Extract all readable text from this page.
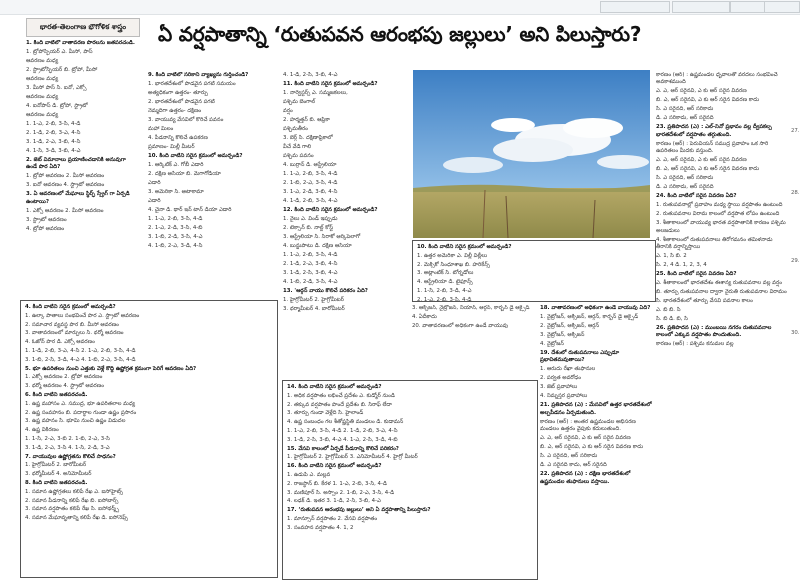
భారత-తెలంగాణ భౌగోళిక శాస్త్రం	ఏ వర్షపాతాన్ని ‘రుతుపవన ఆరంభపు జల్లులు’ అని పిలుస్తారు?

1. కింది వాటిలో వాతావరణ పొరలను జతపరచండి.

1. ట్రోపోస్ఫియర్ ఎ. మీసో, పాస్

ఆవరణం మధ్య

2. స్ట్రాటోస్ఫియర్ బి. ట్రోపో, మీసో

ఆవరణం మధ్య

3. మీసో పాస్ సి. ఐనో, ఎక్సో

ఆవరణం మధ్య

4. ఐనోపాస్ డి. ట్రోపో, స్ట్రాటో

ఆవరణం మధ్య

1. 1-ఎ, 2-బి, 3-సి, 4-డి

2. 1-డి, 2-బి, 3-ఎ, 4-సి

3. 1-డి, 2-ఎ, 3-బి, 4-సి

4. 1-సి, 3-డి, 3-బి, 4-ఎ

2. జెట్ విమానాలు ప్రయాణించడానికి అనువుగా ఉండే పొర ఏది?

1. ట్రోపో ఆవరణం 2. మీసో ఆవరణం

3. ఐనో ఆవరణం 4. స్ట్రాటో ఆవరణం

3. ఏ ఆవరణంలో మేఘాలు స్థిర్ఫ్ స్ప్రేగ్ గా ఏర్పడి ఉంటాయి?

1. ఎక్సో ఆవరణం 2. మీసో ఆవరణం

3. స్ట్రాటో ఆవరణం

4. ట్రోపో ఆవరణం

9. కింది వాటిలో సరికాని వ్యాఖ్యను గుర్తించండి?

1. భారతదేశంలో పొడవైన పగటి సమయం

అత్యధికంగా ఉత్తరం- తూర్పు

2. భారతదేశంలో పొడవైన పగటి

నెమ్మదిగా ఉత్తరం- దక్షిణం

3. వాయువ్య వేసవిలో కొరిచే పవనం

మహా మిలం

4. పీడనాన్ని కొలిచే ఉపకరణ

ప్రమాణం- మిల్లీ మీటర్

10. కింది వాటిని సరైన క్రమంలో అమర్చండి?

1. ఆర్కిటిక్ ఎ. గోబీ ఎడారి

2. దక్షిణ ఆసియా బి. మెగాగోడియా

ఎడారి

3. అమెరికా సి. ఆటాకామా

ఎడారి

4. చైనా డి. థార్ ఇన్ టాన్ డియా ఎడారి

1. 1-ఎ, 2-బి, 3-సి, 4-డి

2. 1-ఎ, 2-డి, 3-సి, 4-బి

3. 1-బి, 2-డి, 3-సి, 4-ఎ

4. 1-బి, 2-ఎ, 3-డి, 4-సి

4. 1-డి, 2-సి, 3-బి, 4-ఎ

11. కింది వాటిని సరైన క్రమంలో అమర్చండి?

1. నార్వెస్టర్స్ ఎ. సమ్మజకలలు,

పశ్చిమ బెంగాల్

వర్షం

2. హర్మత్తన్ బి. ఆఫ్రికా

పశ్చిమతీరం

3. బెర్గ్ సి. దక్షిణాఫ్రికాలో

వీచే వేడి గాలి

పశ్చిమ పవనం

4. బుర్రాన్ డి. ఆస్ట్రేలియా

1. 1-ఎ, 2-బి, 3-సి, 4-డి

2. 1-బి, 2-ఎ, 3-సి, 4-డి

3. 1-ఎ, 2-డి, 3-బి, 4-సి

4. 1-డి, 2-బి, 3-సి, 4-ఎ

12. కింది వాటిని సరైన క్రమంలో అమర్చండి?

1. నైలు ఎ. విండ్ ఇప్పుడు

2. టెక్సాన్ బి. నాల్ట్ కోస్ట్

3. ఆస్ట్రేలియా సి. సిరాకో ఆర్కిపెలాగో

4. బున్జుపాటు డి. దక్షిణ ఆసియా

1. 1-ఎ, 2-బి, 3-సి, 4-డి

2. 1-డి, 2-ఎ, 3-బి, 4-సి

3. 1-డి, 2-సి, 3-బి, 4-ఎ

4. 1-బి, 2-డి, 3-సి, 4-ఎ

13. 'ఆర్గన్ వాయు కొలిచే పరికరం ఏది?

1. హైగ్రోమీటర్ 2. హైగ్రోమీటర్

3. థర్మామీటర్ 4. బారోమీటర్

కారణం (ఆర్) : ఉష్ణమండల ధృవాలతో వరదలు సంభవించే అవకాశముంది

ఎ. ఎ, ఆర్ సరైనవి, ఎ కు ఆర్ సరైన వివరణ

బి. ఎ, ఆర్ సరైనవి, ఎ కు ఆర్ సరైన వివరణ కాదు

సి. ఎ సరైనది, ఆర్ సరికాదు

డి. ఎ సరికాదు, ఆర్ సరైనది

23. ప్రతిపాదన (ఎ) : ఎల్-నినో ప్రభావం వల్ల ద్వీపకల్ప భారతదేశంలో వర్షపాతం తగ్గుతుంది.

కారణం (ఆర్) : పెరువియన్ సముద్ర ప్రవాహం ఒక సారి ఉపరితలం మీదకు వస్తుంది.

ఎ. ఎ, ఆర్ సరైనవి, ఎ కు ఆర్ సరైన వివరణ

బి. ఎ, ఆర్ సరైనవి, ఎ కు ఆర్ సరైన వివరణ కాదు

సి. ఎ సరైనది, ఆర్ సరికాదు

డి. ఎ సరికాదు, ఆర్ సరైనది

24. కింది వాటిలో సరైన వివరణ ఏది?

1. రుతుపవనాల్లో ప్రవాహం మధ్య స్థాయి వర్షపాతం ఉంటుంది

2. రుతుపవనాల విరామ కాలంలో వర్షపాత లోపం ఉంటుంది

3. శీతాకాలంలో వాయువ్య భారత వర్షపాతానికి కారణం పశ్చిమ అలజడులు

4. శీతాకాలంలో రుతుపవనాలు తిరోగమనం తమిళనాడు తీరానికి వర్షాన్నిస్తాయి

ఎ. 1, సి బి. 2

సి. 2, 4 డి. 1, 2, 3, 4

25. కింది వాటిలో సరైన వివరణ ఏది?

ఎ. శీతాకాలంలో భారతదేశం ఈశాన్య రుతుపవనాల వల్ల వర్షం

బి. తూర్పు రుతుపవనాల ద్వారా నైరుతి రుతుపవనాల విరామం

సి. భారతదేశంలో తూర్పు వేసవి పవనాల కాలం

ఎ. బి బి. సి

సి. బి డి. బి, సి

26. ప్రతిపాదన (ఎ) : ముంబయి నగరం రుతుపవనాల కాలంలో ఎక్కువ వర్షపాతం పొందుతుంది.

కారణం (ఆర్) : పశ్చిమ కనుమల వల్ల

4. కింది వాటిని సరైన క్రమంలో అమర్చండి?

1. ఉల్కా పాతాలు సంభవించే పొర ఎ. స్ట్రాటో ఆవరణం

2. సమాచార వ్యవస్థ పొర బి. మీసో ఆవరణం

3. వాతావరణంలో మార్పులు సి. థర్మో ఆవరణం

4. ఓజోన్ పొర డి. ఎక్సో ఆవరణం

1. 1-డి, 2-బి, 3-ఎ, 4-సి 2. 1-ఎ, 2-బి, 3-సి, 4-డి

3. 1-బి, 2-సి, 3-డి, 4-ఎ 4. 1-బి, 2-ఎ, 3-సి, 4-డి

5. భూ ఉపరితలం నుంచి ఎత్తుకు వెళ్లే కొద్ది ఉష్ణోగ్రత క్రమంగా పెరిగే ఆవరణం ఏది?

1. ఎక్సో ఆవరణం 2. ట్రోపో ఆవరణం

3. థర్మో ఆవరణం 4. స్ట్రాటో ఆవరణం

6. కింది వాటిని జతపరచండి.

1. ఉష్ణ మహాసం ఎ. సముద్ర, భూ ఉపరితలాల మధ్య

2. ఉష్ణ సంవహనం బి. పదార్థాల గుండా ఉష్ణం ప్రసారం

3. ఉష్ణ వహనం సి. భూమి నుంచి ఉష్ణం విడుదల

4. ఉష్ణ వికిరణం

1. 1-సి, 2-ఎ, 3-బి 2. 1-బి, 2-ఎ, 3-సి

3. 1-డి, 2-ఎ, 3-సి 4. 1-సి, 2-డి, 3-ఎ

7. వాయువుల ఉష్ణోగ్రతను కొలిచే సాధనం?

1. హైగ్రోమీటర్ 2. బారోమీటర్

3. థర్మోమీటర్ 4. అనిమోమీటర్

8. కింది వాటిని జతపరచండి.

1. సమాన ఉష్ణోగ్రతలు కలిపే రేఖ ఎ. ఐసోహైట్స్

2. సమాన పీడనాన్ని కలిపే రేఖ బి. ఐసోబార్స్

3. సమాన వర్షపాతం కలిపే రేఖ సి. ఐసోథర్మ్స్

4. సమాన మేఘావృతాన్ని కలిపే రేఖ డి. ఐసోనెఫ్స్

10. కింది వాటిని సరైన క్రమంలో అమర్చండి?

1. ఉత్తర అమెరికా ఎ. విల్లీ విల్లీలు

2. మెక్సికో సింధూశాఖ బి. హరికేన్స్

3. అట్లాంటిక్ సి. టోర్నడోలు

4. ఆస్ట్రేలియా డి. టైఫూన్స్

1. 1-సి, 2-బి, 3-డి, 4-ఎ

2. 1-ఎ, 2-బి, 3-సి, 4-డి

14. కింది వాటిని సరైన క్రమంలో అమర్చండి?

1. అధిక వర్షపాతం లభించే ప్రదేశం ఎ. కుడ్మోర్ నుండి

2. తక్కువ వర్షపాతం పొందే ప్రదేశం బి. సిరాఫ్ లేదా

3. తూర్పు గుండా వెళ్లేది సి. హైలాండ్

4. ఉష్ణ సంబంధం గల శీతోష్ణస్థితి మండలం డి. కుడామన్

1. 1-ఎ, 2-బి, 3-సి, 4-డి 2. 1-డి, 2-బి, 3-ఎ, 4-సి

3. 1-డి, 2-సి, 3-బి, 4-ఎ 4. 1-ఎ, 2-సి, 3-డి, 4-బి

15. వేసవి కాలంలో ఏర్పడే పీడనాన్ని కొలిచే పరికరం?

1. హైగ్రోమీటర్ 2. హైగ్రోమీటర్ 3. ఎనిమోమీటర్ 4. హైగ్రో మీటర్

16. కింది వాటిని సరైన క్రమంలో అమర్చండి?

1. ఉడుపి ఎ. మల్లవ

2. రాజస్థాన్ బి. కేరళ 1. 1-ఎ, 2-బి, 3-సి, 4-డి

3. మణిపూర్ సి. అస్సాం 2. 1-బి, 2-ఎ, 3-సి, 4-డి

4. లఢక్ డి. ఇతర 3. 1-డి, 2-సి, 3-బి, 4-ఎ

17. ‘రుతుపవన ఆరంభపు జల్లులు’ అని ఏ వర్షపాతాన్ని పిలుస్తారు?

1. మాన్సూన్ వర్షపాతం 2. వేసవి వర్షపాతం

3. సంవహన వర్షపాతం 4. 1, 2

18. వాతావరణంలో అధికంగా ఉండే వాయువు ఏది?

1. నైట్రోజన్, ఆక్సిజన్, ఆర్గన్, కార్బన్ డై ఆక్సైడ్

2. నైట్రోజన్, ఆక్సిజన్, ఆర్గన్

3. నైట్రోజన్, ఆక్సిజన్

4. నైట్రోజన్

19. దేశంలో రుతుపవనాలు ఎప్పుడూ ప్రభావితమవుతాయి?

1. ఆరుదు రేఖా తుఫానుల

2. పర్వత అవరోధం

3. జెట్ ప్రవాహాలు

4. నిమ్నస్తర ప్రవాహాలు

21. ప్రతిపాదన (ఎ) : మేసవిలో ఉత్తర భారతదేశంలో అల్పపీడనం ఏర్పడుతుంది.

కారణం (ఆర్) : అంతర ఉష్ణమండల అభిసరణ మండలం ఉత్తరం వైపుకు కదులుతుంది.

ఎ. ఎ, ఆర్ సరైనవి, ఎ కు ఆర్ సరైన వివరణ

బి. ఎ, ఆర్ సరైనవి, ఎ కు ఆర్ సరైన వివరణ కాదు

సి. ఎ సరైనది, ఆర్ సరికాదు

డి. ఎ సరైనది కాదు, ఆర్ సరైనది

22. ప్రతిపాదన (ఎ) : దక్షిణ భారతదేశంలో ఉష్ణమండల తుఫానులు వస్తాయి.

3. ఆక్సిజన్, నైట్రోజన్, నియాన్, ఆర్గన్, కార్బన్ డై ఆక్సైడ్

4. ఏదీకాదు

20. వాతావరణంలో అధికంగా ఉండే వాయువు

27.
28.
29.
30.
